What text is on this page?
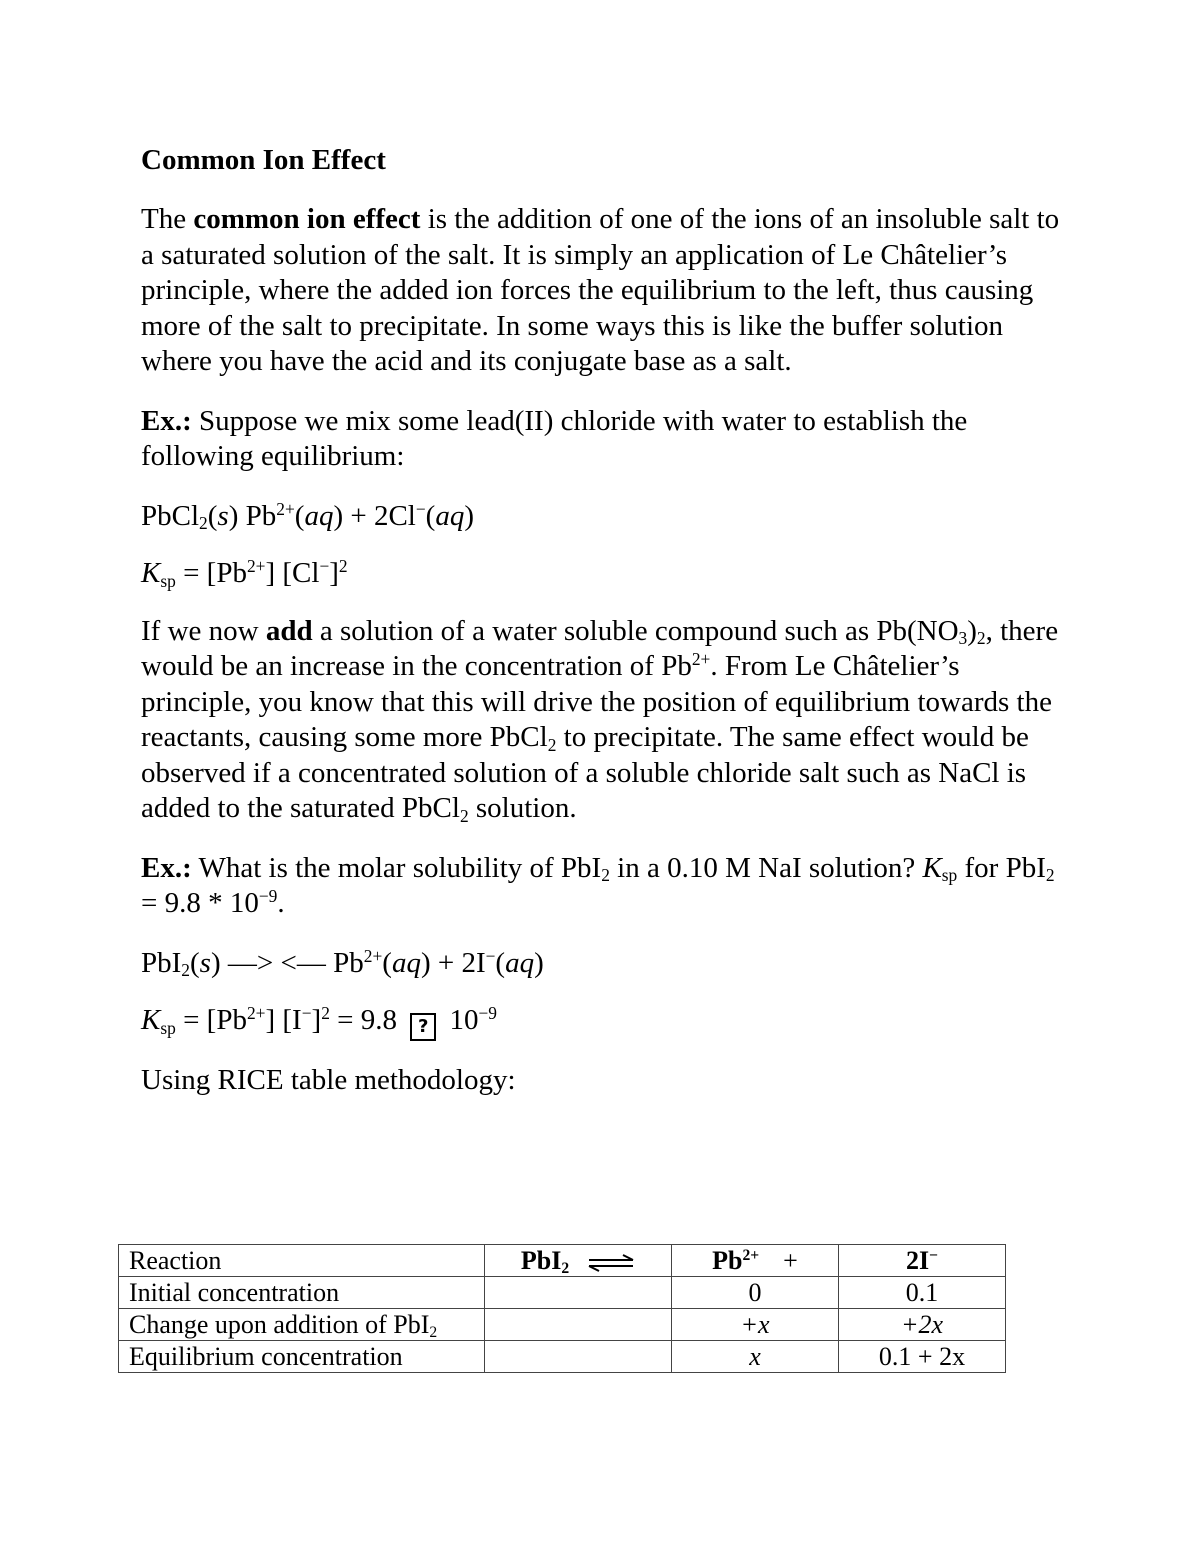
Common Ion Effect

The common ion effect is the addition of one of the ions of an insoluble salt to a saturated solution of the salt. It is simply an application of Le Châtelier’s principle, where the added ion forces the equilibrium to the left, thus causing more of the salt to precipitate. In some ways this is like the buffer solution where you have the acid and its conjugate base as a salt.

Ex.: Suppose we mix some lead(II) chloride with water to establish the following equilibrium:

PbCl$_2$(s) $Pb^{2+}(aq) + 2Cl^-(aq)$

$K_{sp} = [Pb^{2+}]$ $[Cl^-]^2$

If we now add a solution of a water soluble compound such as $Pb(NO_3)_2$, there would be an increase in the concentration of $Pb^{2+}$. From Le Châtelier’s principle, you know that this will drive the position of equilibrium towards the reactants, causing some more PbCl$_2$ to precipitate. The same effect would be observed if a concentrated solution of a soluble chloride salt such as NaCl is added to the saturated PbCl$_2$ solution.

Ex.: What is the molar solubility of PbI$_2$ in a 0.10 M NaI solution? $K_{sp}$ for $PbI_2 = 9.8 * 10^{-9}$.

PbI$_2$(s) —> <— $Pb^{2+}(aq) + 2I^-(aq)$

$K_{sp} = [Pb^{2+}] [I^-]^2 = 9.8$ ? $10^{-9}$

Using RICE table methodology:

Reaction	PbI$_2$ ⇌	$Pb^{2+}$ +	2I−
Initial concentration		0	0.1
Change upon addition of PbI$_2$		+x	+2x
Equilibrium concentration		x	0.1 + 2x
